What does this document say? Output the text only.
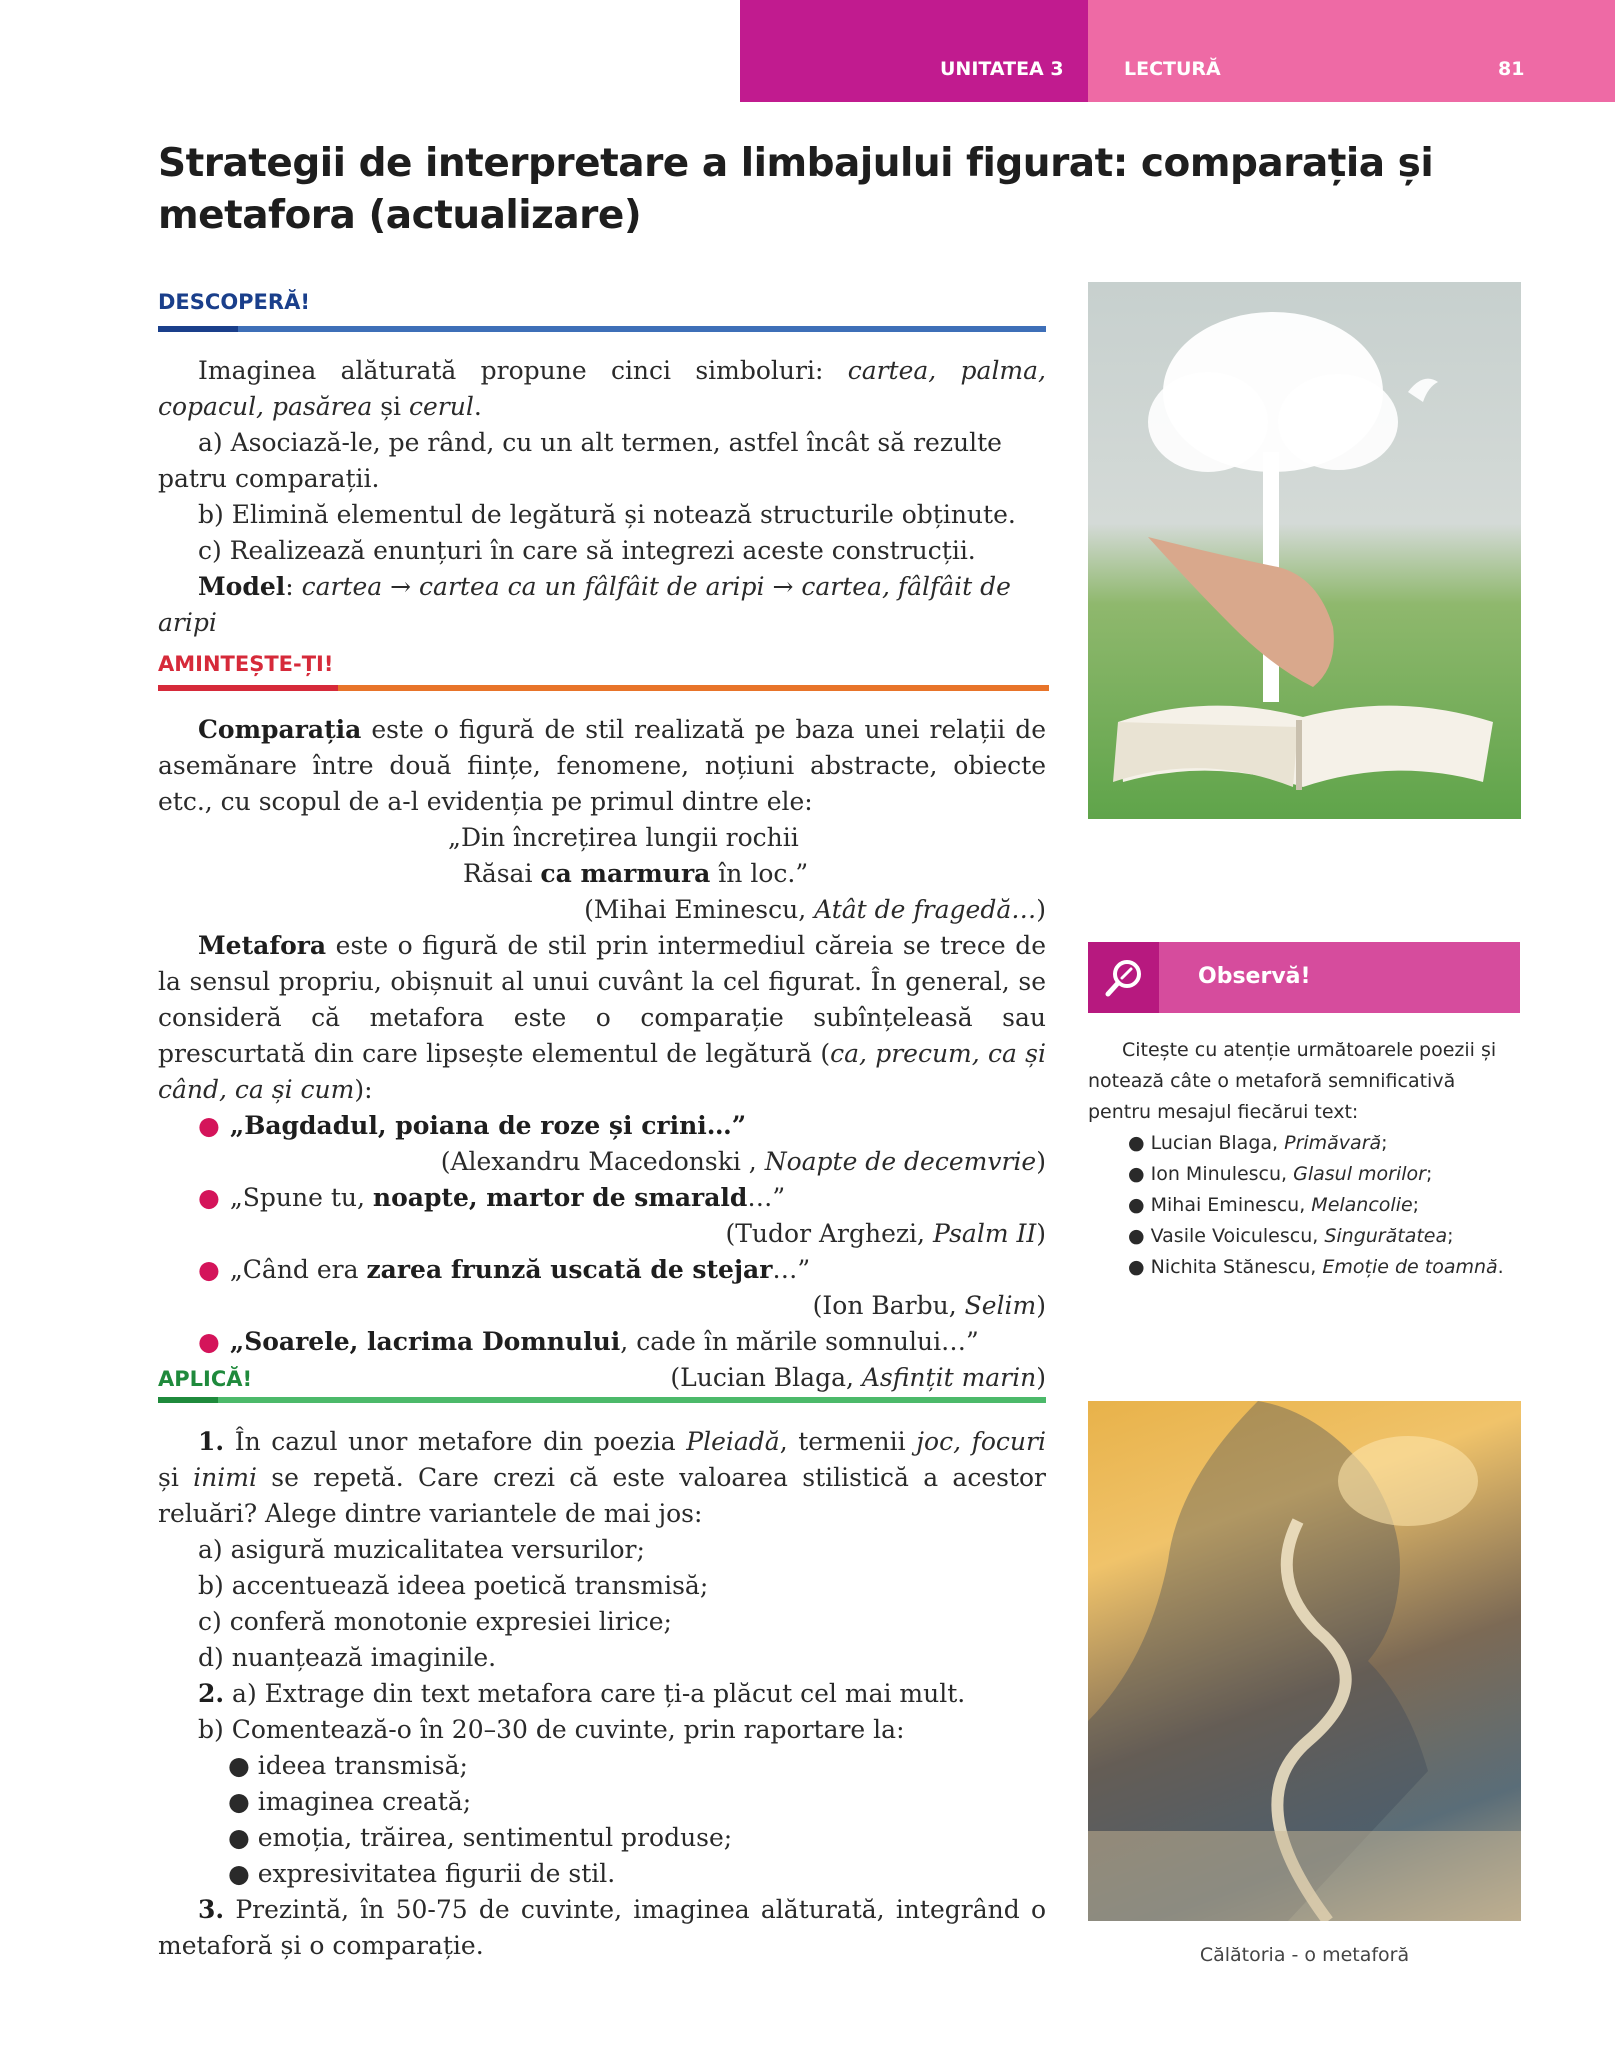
UNITATEA 3	LECTURĂ	81
Strategii de interpretare a limbajului figurat: comparația și metafora (actualizare)
DESCOPERĂ!

Imaginea alăturată propune cinci simboluri: cartea, palma, copacul, pasărea și cerul.

a) Asociază-le, pe rând, cu un alt termen, astfel încât să rezulte patru comparații.

b) Elimină elementul de legătură și notează structurile obținute.

c) Realizează enunțuri în care să integrezi aceste construcții.

Model: cartea → cartea ca un fâlfâit de aripi → cartea, fâlfâit de aripi

AMINTEȘTE-ȚI!

Comparația este o figură de stil realizată pe baza unei relații de asemănare între două ființe, fenomene, noțiuni abstracte, obiecte etc., cu scopul de a-l evidenția pe primul dintre ele:

„Din încrețirea lungii rochii

Răsai ca marmura în loc.”

(Mihai Eminescu, Atât de fragedă…)

Metafora este o figură de stil prin intermediul căreia se trece de la sensul propriu, obișnuit al unui cuvânt la cel figurat. În general, se consideră că metafora este o comparație subînțeleasă sau prescurtată din care lipsește elementul de legătură (ca, precum, ca și când, ca și cum):

● „Bagdadul, poiana de roze și crini…”

(Alexandru Macedonski , Noapte de decemvrie)

● „Spune tu, noapte, martor de smarald…”

(Tudor Arghezi, Psalm II)

● „Când era zarea frunză uscată de stejar…”

(Ion Barbu, Selim)

● „Soarele, lacrima Domnului, cade în mările somnului…”

(Lucian Blaga, Asfințit marin)

APLICĂ!

1. În cazul unor metafore din poezia Pleiadă, termenii joc, focuri și inimi se repetă. Care crezi că este valoarea stilistică a acestor reluări? Alege dintre variantele de mai jos:

a) asigură muzicalitatea versurilor;

b) accentuează ideea poetică transmisă;

c) conferă monotonie expresiei lirice;

d) nuanțează imaginile.

2. a) Extrage din text metafora care ți-a plăcut cel mai mult.

b) Comentează-o în 20–30 de cuvinte, prin raportare la:

● ideea transmisă;

● imaginea creată;

● emoția, trăirea, sentimentul produse;

● expresivitatea figurii de stil.

3. Prezintă, în 50-75 de cuvinte, imaginea alăturată, integrând o metaforă și o comparație.

Observă!

Citește cu atenție următoarele poezii și notează câte o metaforă semnificativă pentru mesajul fiecărui text:

● Lucian Blaga, Primăvară;

● Ion Minulescu, Glasul morilor;

● Mihai Eminescu, Melancolie;

● Vasile Voiculescu, Singurătatea;

● Nichita Stănescu, Emoție de toamnă.

Călătoria - o metaforă
